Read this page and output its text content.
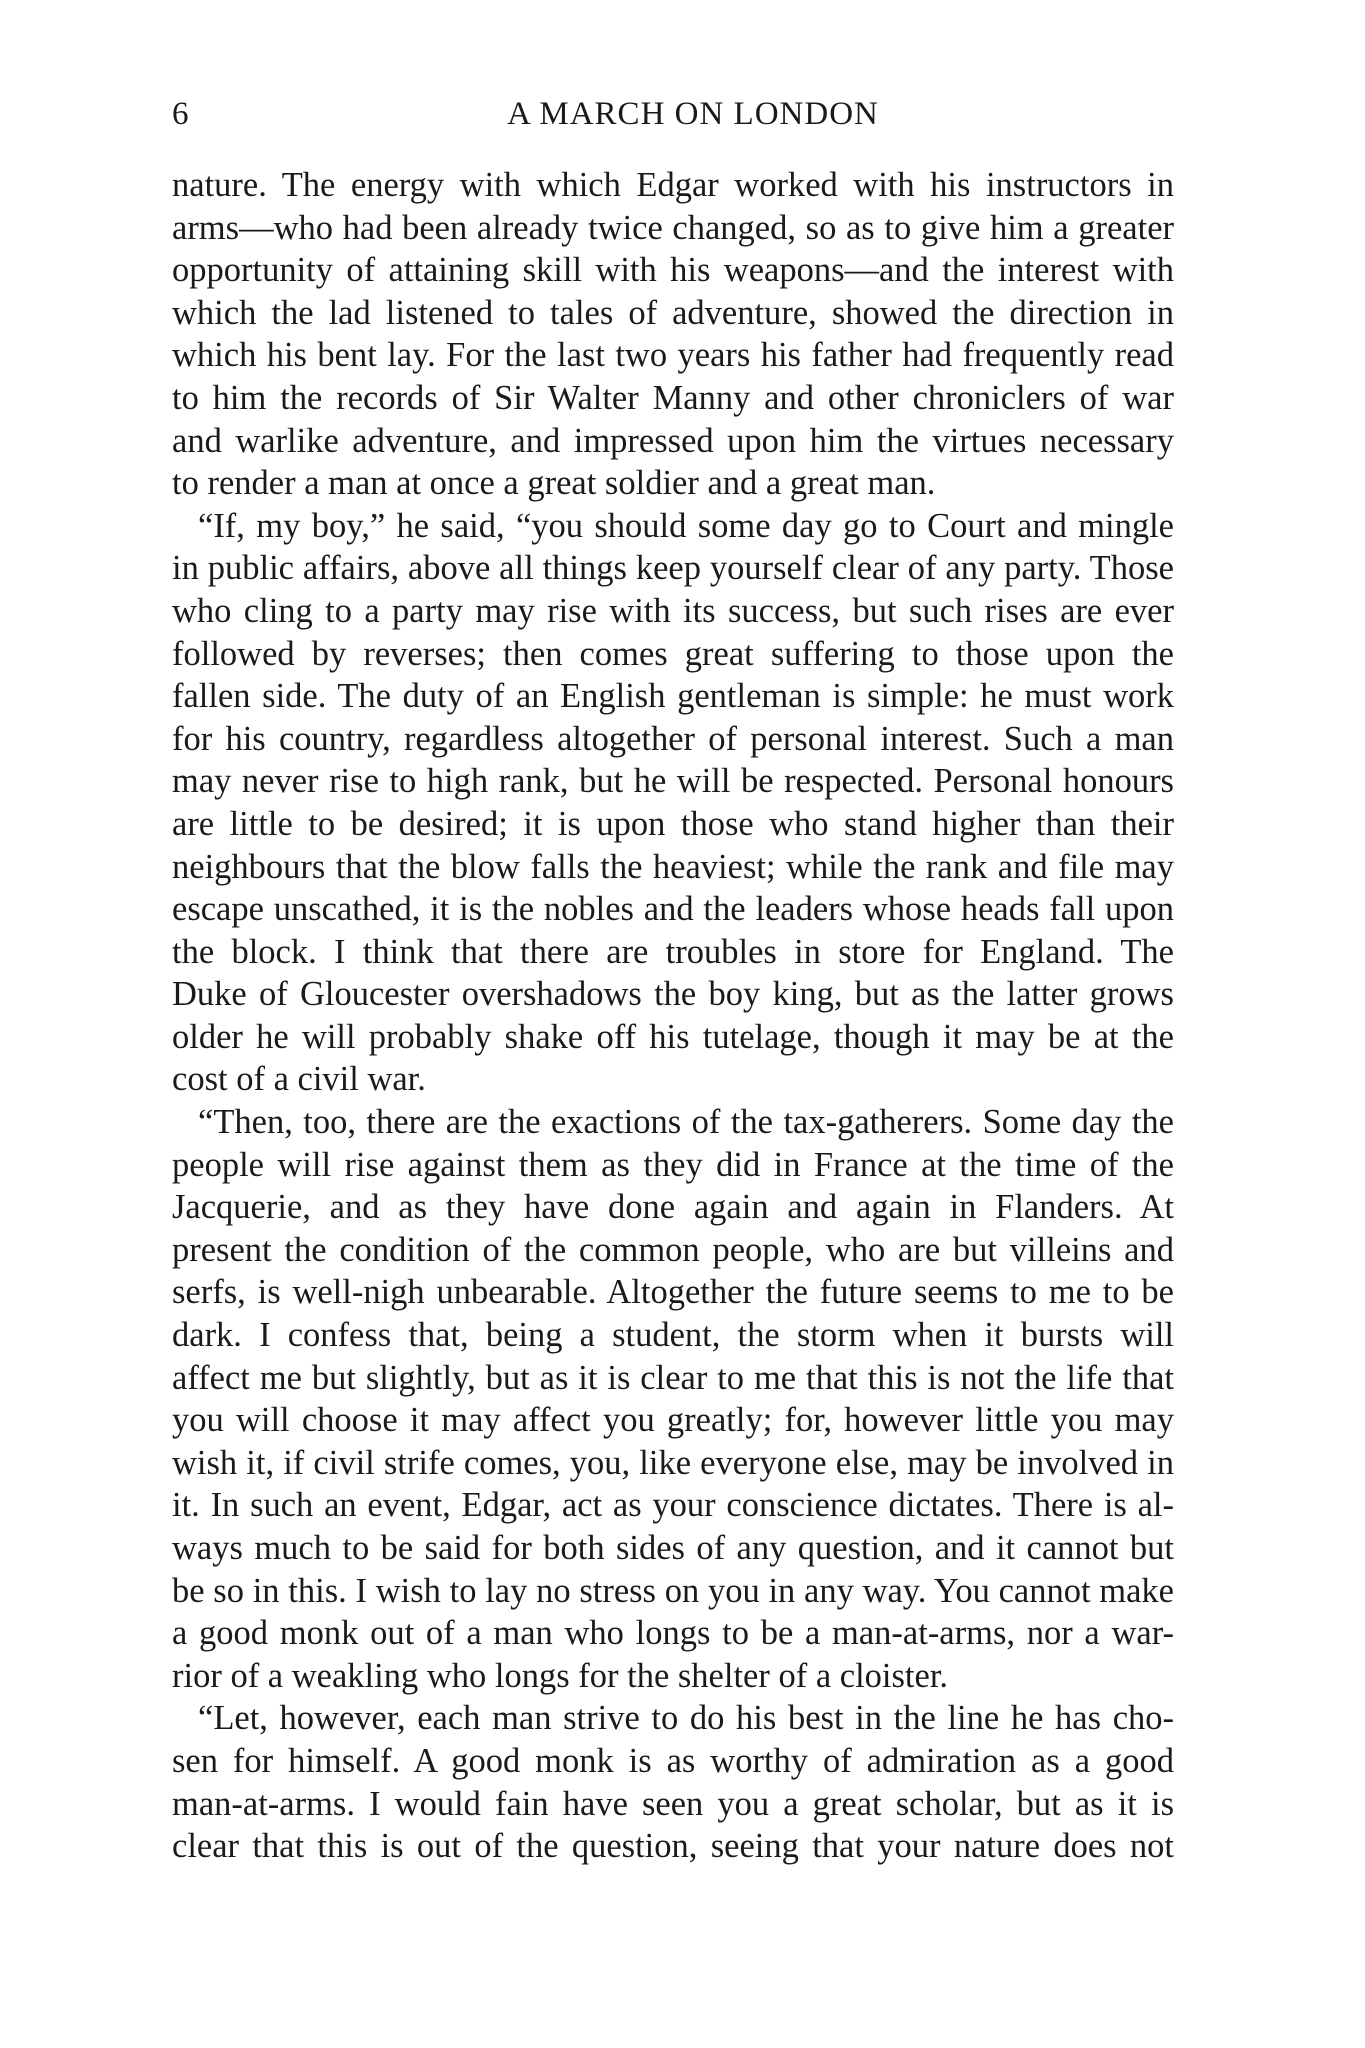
6	A MARCH ON LONDON
nature. The energy with which Edgar worked with his instructors in
arms—who had been already twice changed, so as to give him a greater
opportunity of attaining skill with his weapons—and the interest with
which the lad listened to tales of adventure, showed the direction in
which his bent lay. For the last two years his father had frequently read
to him the records of Sir Walter Manny and other chroniclers of war
and warlike adventure, and impressed upon him the virtues necessary
to render a man at once a great soldier and a great man.
“If, my boy,” he said, “you should some day go to Court and mingle
in public affairs, above all things keep yourself clear of any party. Those
who cling to a party may rise with its success, but such rises are ever
followed by reverses; then comes great suffering to those upon the
fallen side. The duty of an English gentleman is simple: he must work
for his country, regardless altogether of personal interest. Such a man
may never rise to high rank, but he will be respected. Personal honours
are little to be desired; it is upon those who stand higher than their
neighbours that the blow falls the heaviest; while the rank and file may
escape unscathed, it is the nobles and the leaders whose heads fall upon
the block. I think that there are troubles in store for England. The
Duke of Gloucester overshadows the boy king, but as the latter grows
older he will probably shake off his tutelage, though it may be at the
cost of a civil war.
“Then, too, there are the exactions of the tax-gatherers. Some day the
people will rise against them as they did in France at the time of the
Jacquerie, and as they have done again and again in Flanders. At
present the condition of the common people, who are but villeins and
serfs, is well-nigh unbearable. Altogether the future seems to me to be
dark. I confess that, being a student, the storm when it bursts will
affect me but slightly, but as it is clear to me that this is not the life that
you will choose it may affect you greatly; for, however little you may
wish it, if civil strife comes, you, like everyone else, may be involved in
it. In such an event, Edgar, act as your conscience dictates. There is al-
ways much to be said for both sides of any question, and it cannot but
be so in this. I wish to lay no stress on you in any way. You cannot make
a good monk out of a man who longs to be a man-at-arms, nor a war-
rior of a weakling who longs for the shelter of a cloister.
“Let, however, each man strive to do his best in the line he has cho-
sen for himself. A good monk is as worthy of admiration as a good
man-at-arms. I would fain have seen you a great scholar, but as it is
clear that this is out of the question, seeing that your nature does not
